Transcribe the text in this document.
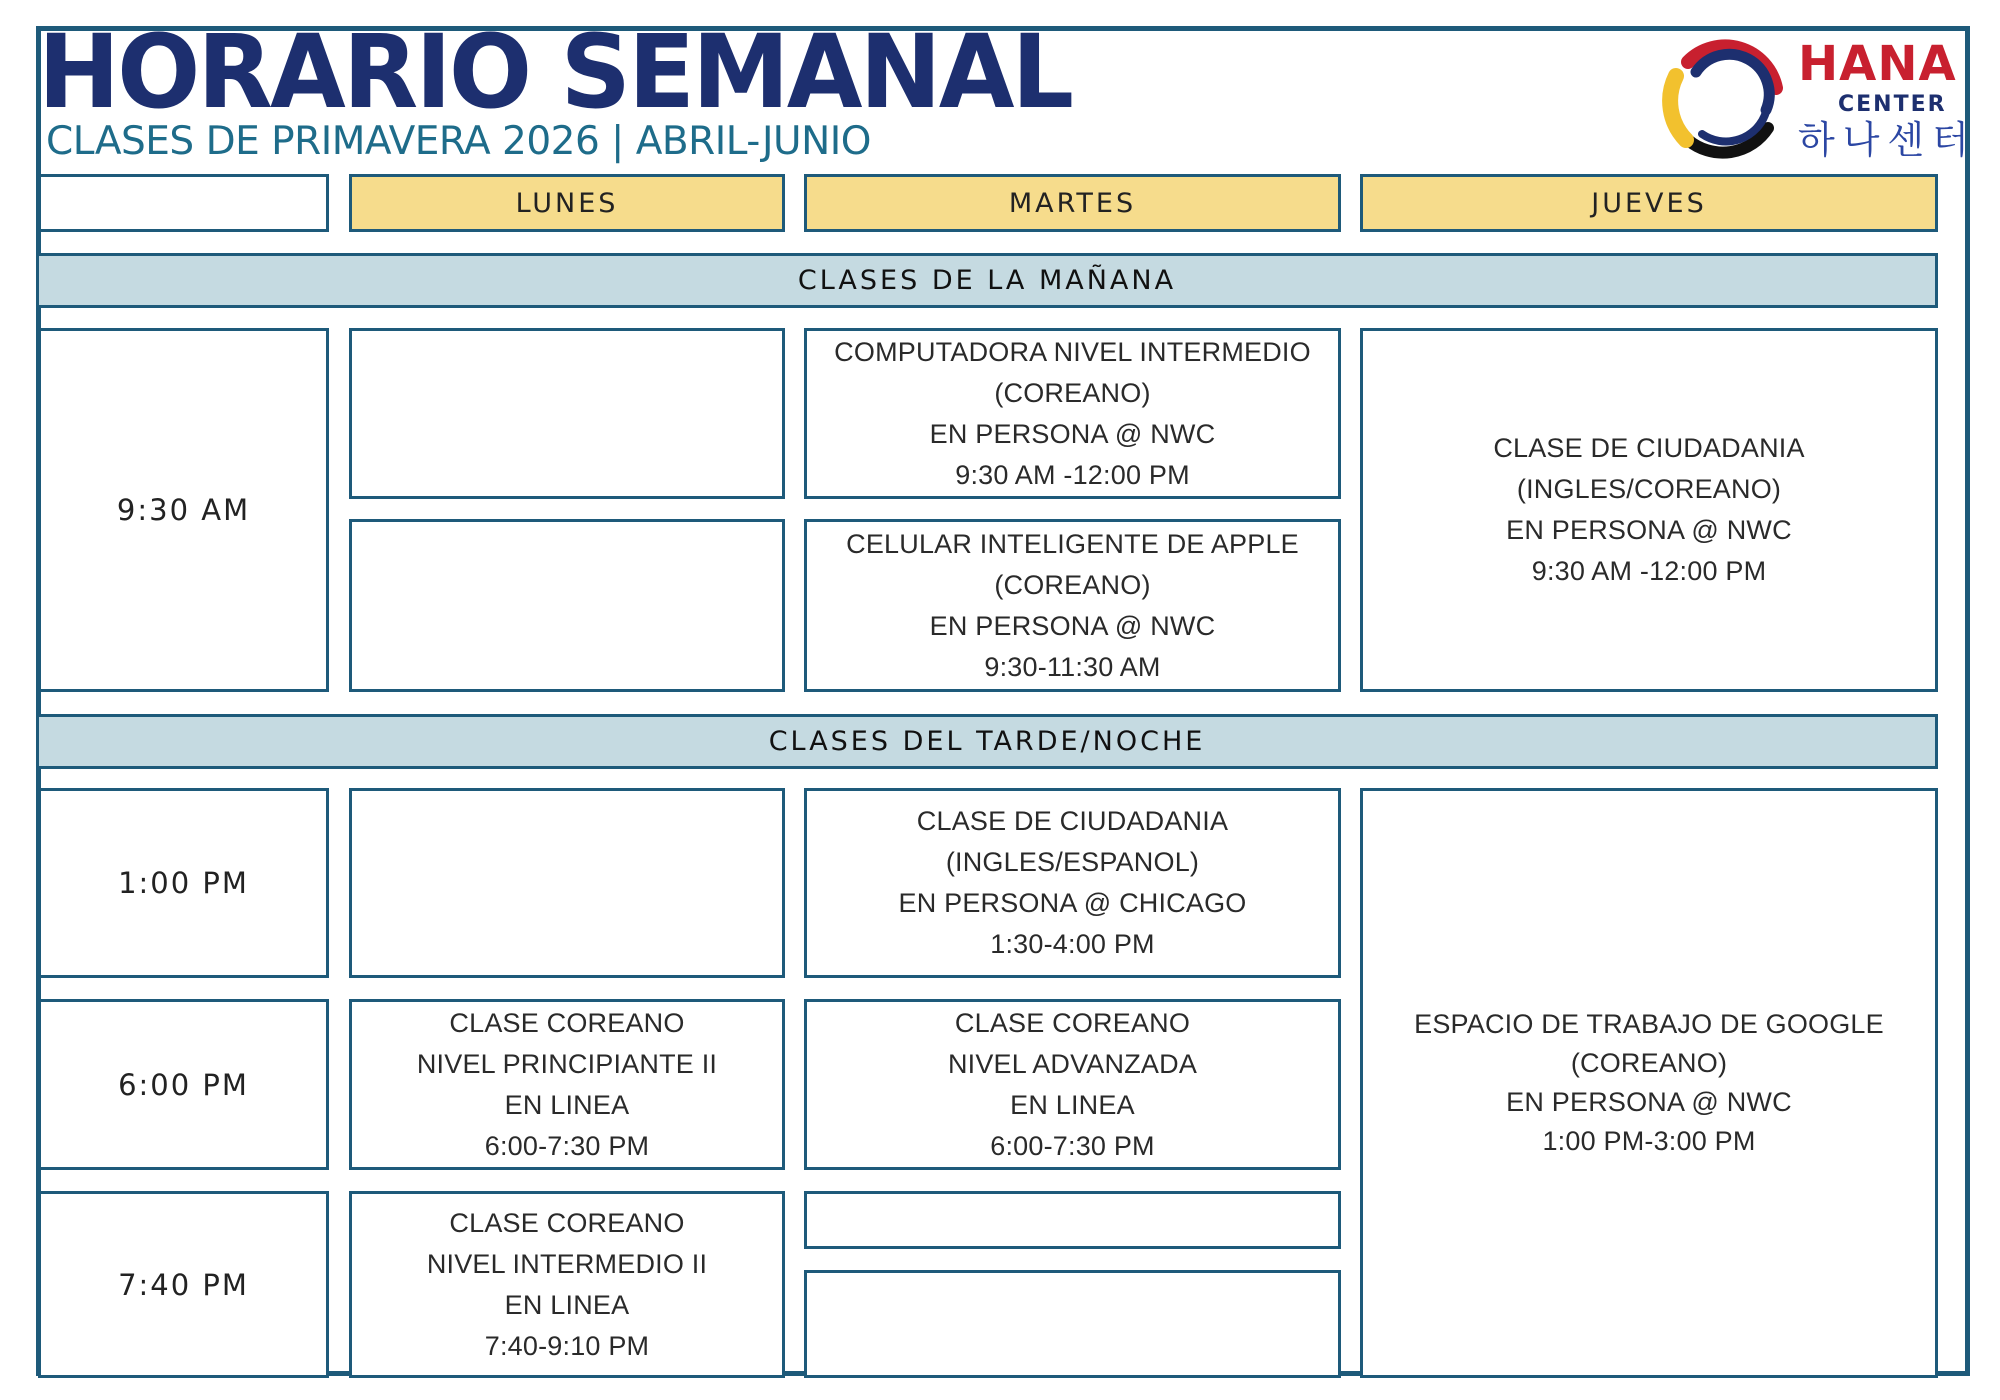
HORARIO SEMANAL

CLASES DE PRIMAVERA 2026 | ABRIL-JUNIO

HANA
CENTER
하나센터
LUNES	MARTES	JUEVES
CLASES DE LA MAÑANA
9:30 AM
COMPUTADORA NIVEL INTERMEDIO
(COREANO)
EN PERSONA @ NWC
9:30 AM -12:00 PM
CELULAR INTELIGENTE DE APPLE
(COREANO)
EN PERSONA @ NWC
9:30-11:30 AM
CLASE DE CIUDADANIA
(INGLES/COREANO)
EN PERSONA @ NWC
9:30 AM -12:00 PM
CLASES DEL TARDE/NOCHE
1:00 PM
6:00 PM
7:40 PM
CLASE DE CIUDADANIA
(INGLES/ESPANOL)
EN PERSONA @ CHICAGO
1:30-4:00 PM
CLASE COREANO
NIVEL PRINCIPIANTE II
EN LINEA
6:00-7:30 PM
CLASE COREANO
NIVEL ADVANZADA
EN LINEA
6:00-7:30 PM
CLASE COREANO
NIVEL INTERMEDIO II
EN LINEA
7:40-9:10 PM
ESPACIO DE TRABAJO DE GOOGLE
(COREANO)
EN PERSONA @ NWC
1:00 PM-3:00 PM
